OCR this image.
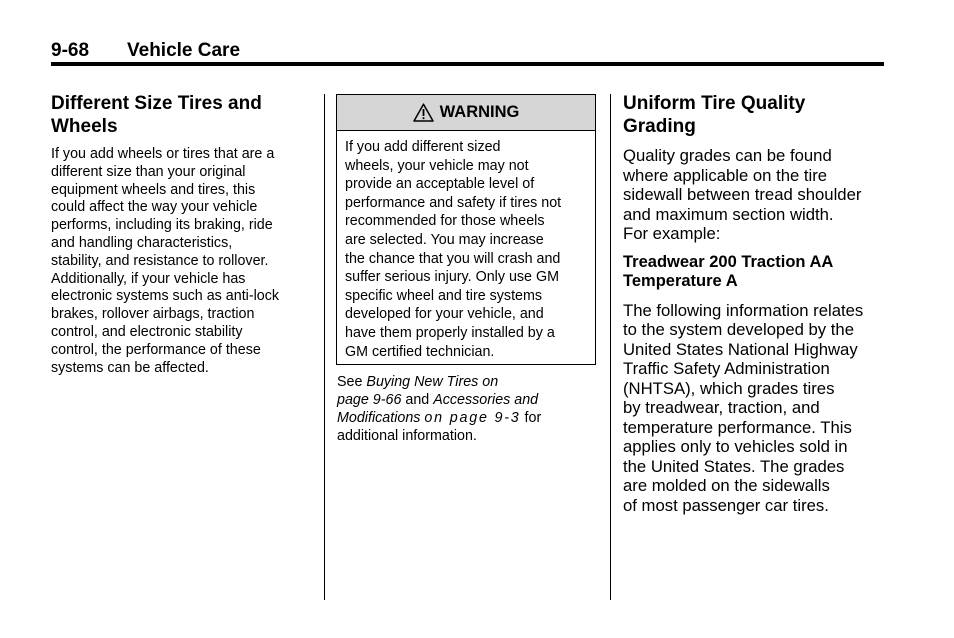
9-68 Vehicle Care
Different Size Tires and
Wheels
If you add wheels or tires that are a
different size than your original
equipment wheels and tires, this
could affect the way your vehicle
performs, including its braking, ride
and handling characteristics,
stability, and resistance to rollover.
Additionally, if your vehicle has
electronic systems such as anti-lock
brakes, rollover airbags, traction
control, and electronic stability
control, the performance of these
systems can be affected.
WARNING
If you add different sized
wheels, your vehicle may not
provide an acceptable level of
performance and safety if tires not
recommended for those wheels
are selected. You may increase
the chance that you will crash and
suffer serious injury. Only use GM
specific wheel and tire systems
developed for your vehicle, and
have them properly installed by a
GM certified technician.
See Buying New Tires on
page 9-66 and Accessories and
Modifications on page 9-3 for
additional information.
Uniform Tire Quality
Grading
Quality grades can be found
where applicable on the tire
sidewall between tread shoulder
and maximum section width.
For example:
Treadwear 200 Traction AA
Temperature A
The following information relates
to the system developed by the
United States National Highway
Traffic Safety Administration
(NHTSA), which grades tires
by treadwear, traction, and
temperature performance. This
applies only to vehicles sold in
the United States. The grades
are molded on the sidewalls
of most passenger car tires.
